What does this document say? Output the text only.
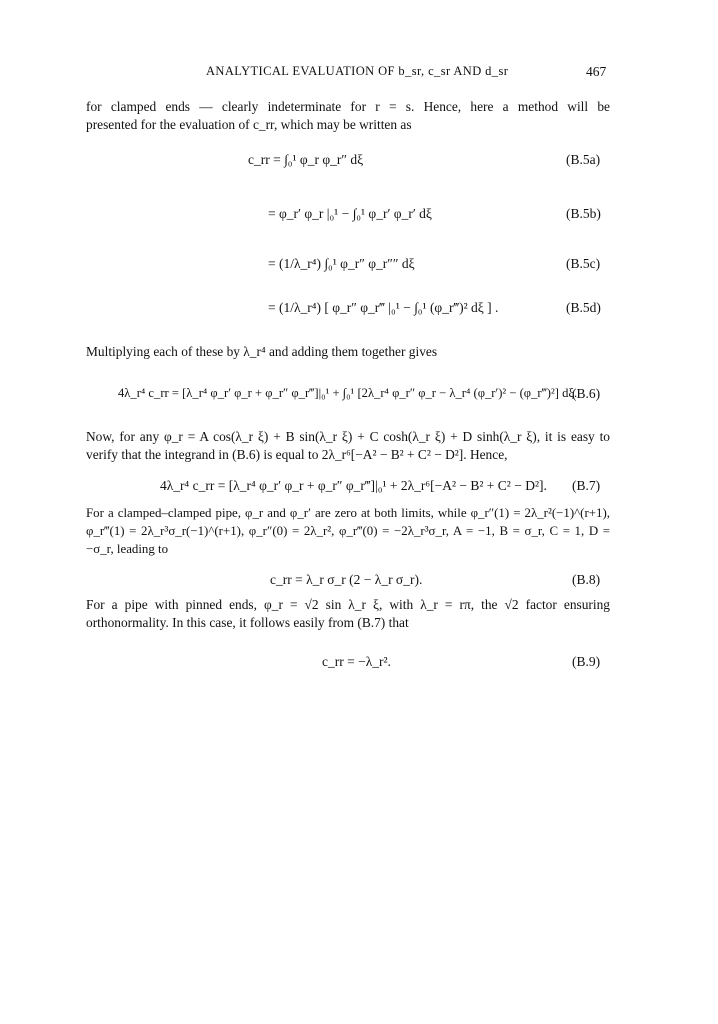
ANALYTICAL EVALUATION OF b_sr, c_sr AND d_sr	467
for clamped ends — clearly indeterminate for r = s. Hence, here a method will be
presented for the evaluation of c_rr, which may be written as
c_rr = ∫₀¹ φ_r φ_r″ dξ	(B.5a)
= φ_r′ φ_r |₀¹ − ∫₀¹ φ_r′ φ_r′ dξ	(B.5b)
= (1/λ_r⁴) ∫₀¹ φ_r″ φ_r″″ dξ	(B.5c)
= (1/λ_r⁴) [ φ_r″ φ_r‴ |₀¹ − ∫₀¹ (φ_r‴)² dξ ] .	(B.5d)
Multiplying each of these by λ_r⁴ and adding them together gives
4λ_r⁴ c_rr = [λ_r⁴ φ_r′ φ_r + φ_r″ φ_r‴]|₀¹ + ∫₀¹ [2λ_r⁴ φ_r″ φ_r − λ_r⁴ (φ_r′)² − (φ_r‴)²] dξ.
(B.6)
Now, for any φ_r = A cos(λ_r ξ) + B sin(λ_r ξ) + C cosh(λ_r ξ) + D sinh(λ_r ξ), it is easy to
verify that the integrand in (B.6) is equal to 2λ_r⁶[−A² − B² + C² − D²]. Hence,
4λ_r⁴ c_rr = [λ_r⁴ φ_r′ φ_r + φ_r″ φ_r‴]|₀¹ + 2λ_r⁶[−A² − B² + C² − D²]. (B.7)
For a clamped–clamped pipe, φ_r and φ_r′ are zero at both limits, while φ_r″(1) = 2λ_r²(−1)^(r+1),
φ_r‴(1) = 2λ_r³σ_r(−1)^(r+1), φ_r″(0) = 2λ_r², φ_r‴(0) = −2λ_r³σ_r, A = −1, B = σ_r, C = 1, D =
−σ_r, leading to
c_rr = λ_r σ_r (2 − λ_r σ_r).	(B.8)
For a pipe with pinned ends, φ_r = √2 sin λ_r ξ, with λ_r = rπ, the √2 factor ensuring
orthonormality. In this case, it follows easily from (B.7) that
c_rr = −λ_r².	(B.9)
